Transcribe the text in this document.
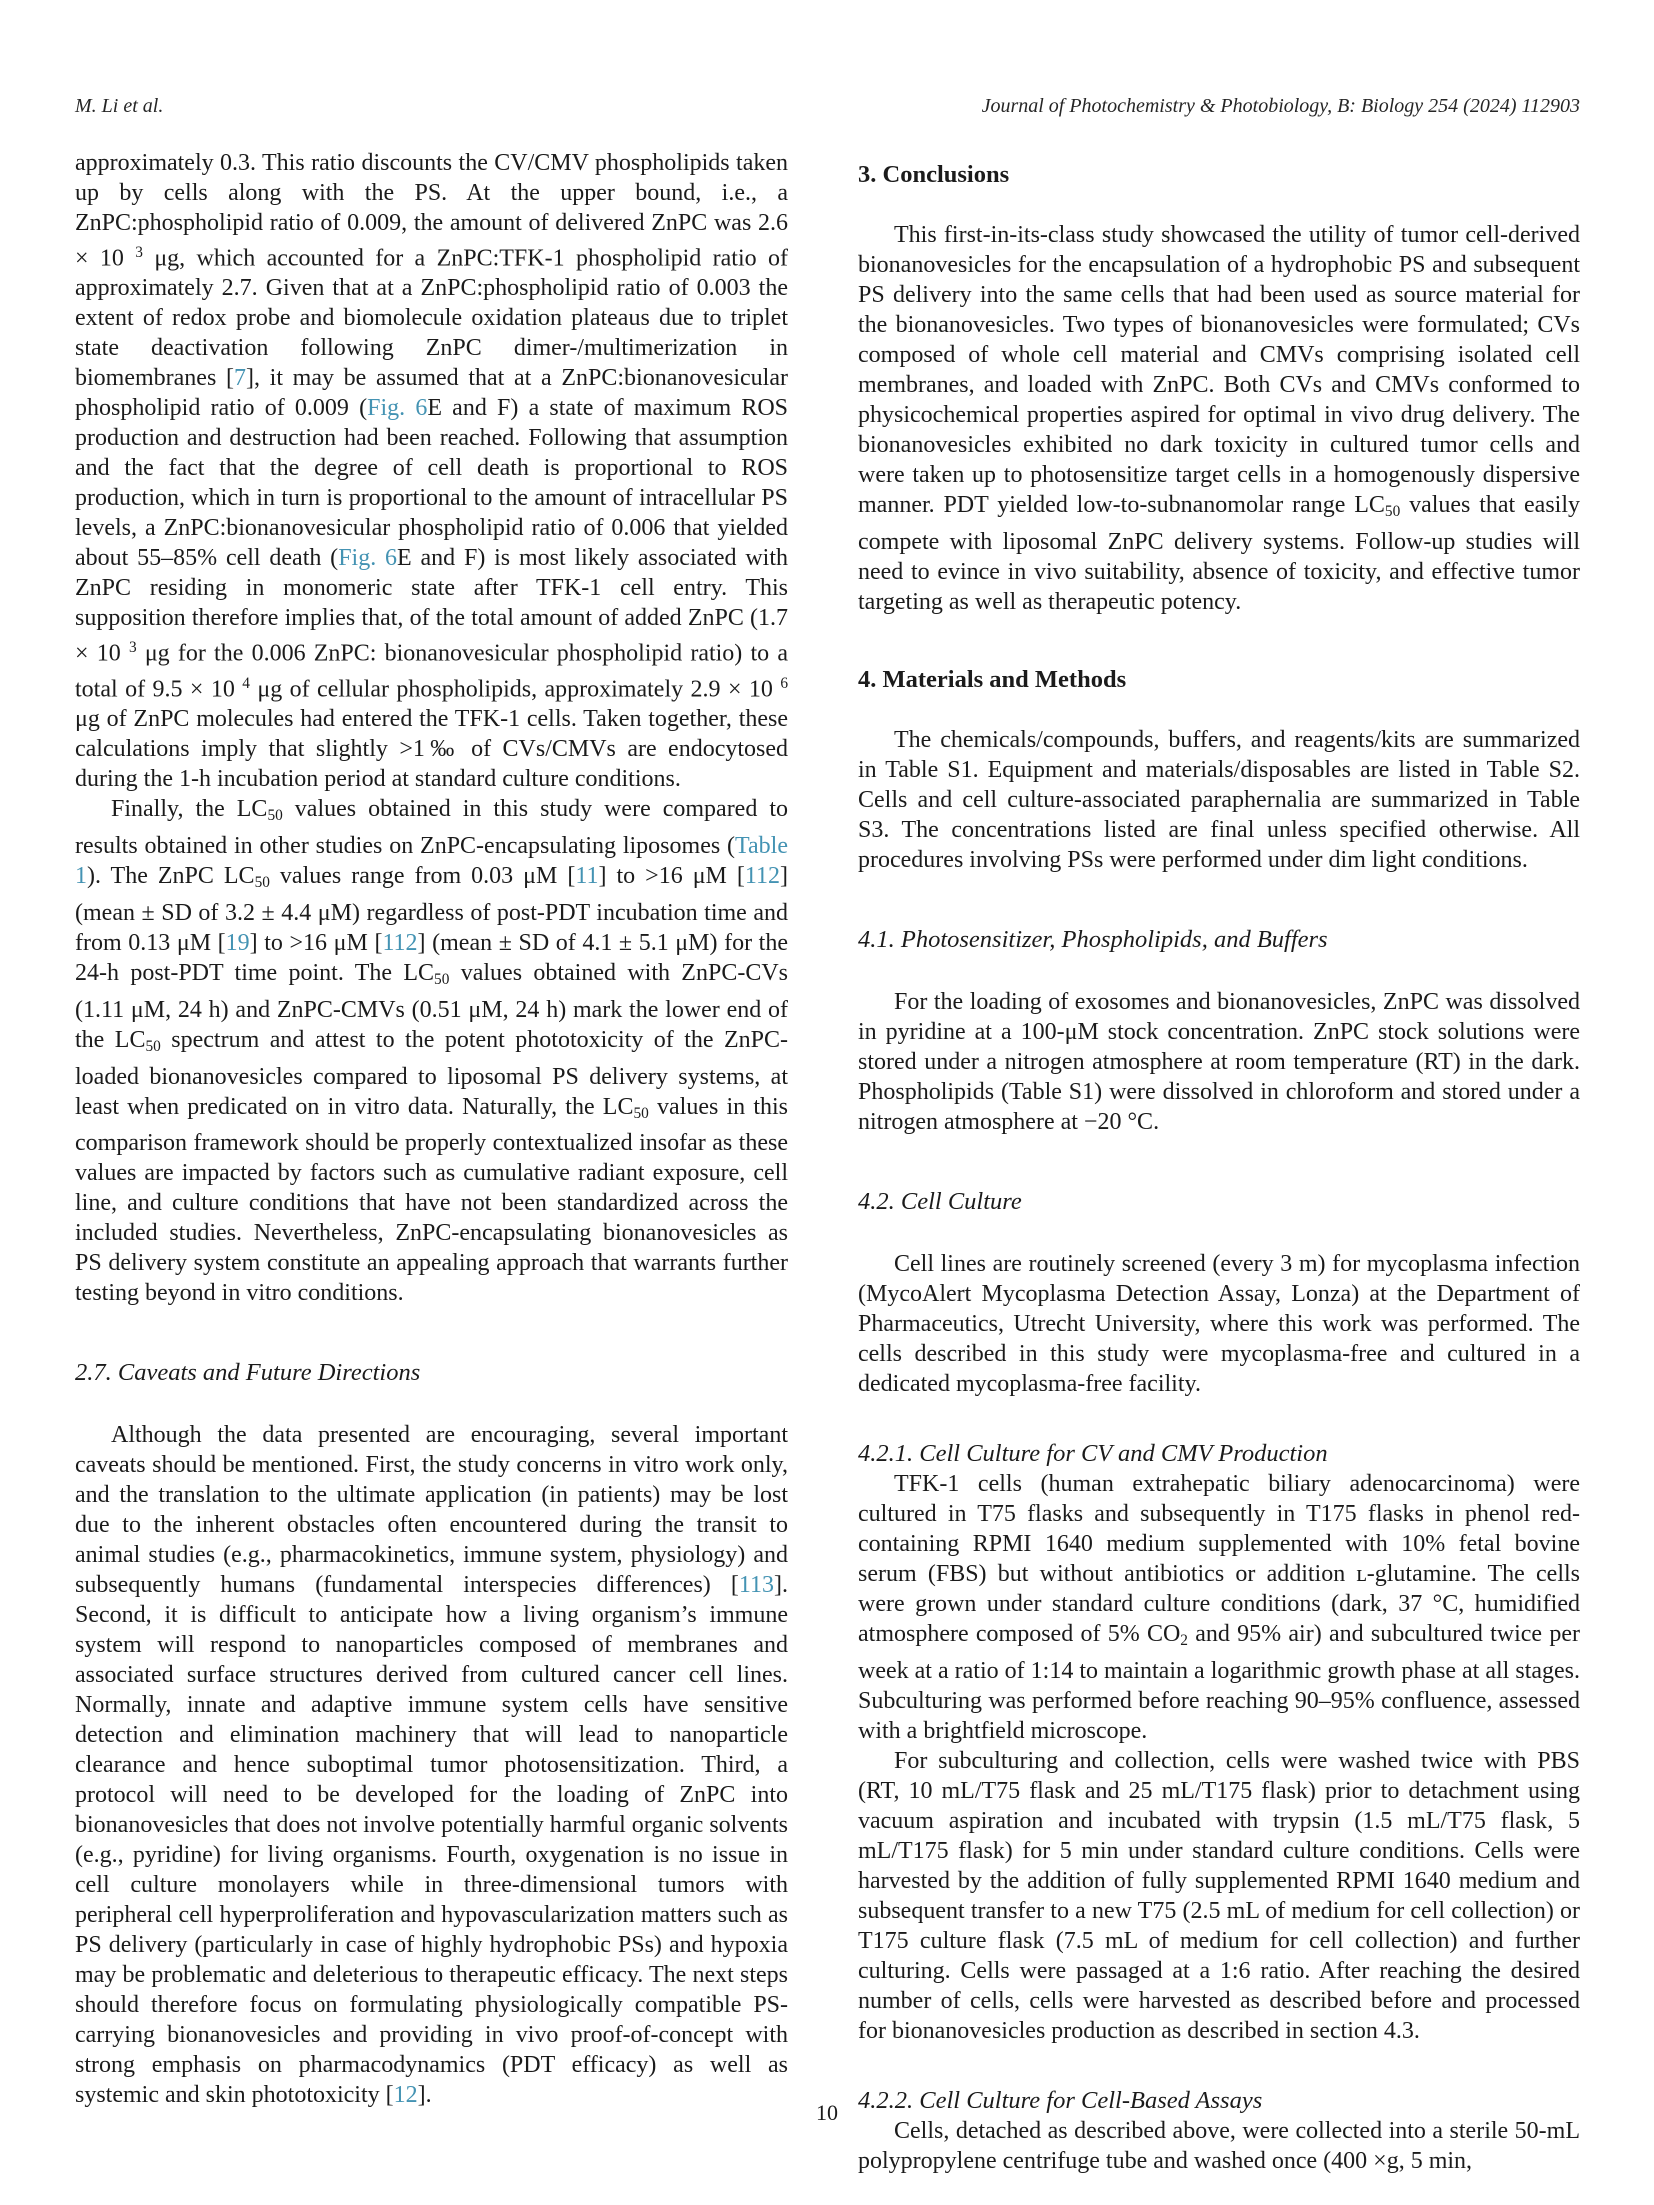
M. Li et al.	Journal of Photochemistry & Photobiology, B: Biology 254 (2024) 112903

approximately 0.3. This ratio discounts the CV/CMV phospholipids taken up by cells along with the PS. At the upper bound, i.e., a ZnPC:phospholipid ratio of 0.009, the amount of delivered ZnPC was 2.6 × 10 $^3$ μg, which accounted for a ZnPC:TFK-1 phospholipid ratio of approximately 2.7. Given that at a ZnPC:phospholipid ratio of 0.003 the extent of redox probe and biomolecule oxidation plateaus due to triplet state deactivation following ZnPC dimer-/multimerization in biomembranes [7], it may be assumed that at a ZnPC:bionanovesicular phospholipid ratio of 0.009 (Fig. 6E and F) a state of maximum ROS production and destruction had been reached. Following that assumption and the fact that the degree of cell death is proportional to ROS production, which in turn is proportional to the amount of intracellular PS levels, a ZnPC:bionanovesicular phospholipid ratio of 0.006 that yielded about 55–85% cell death (Fig. 6E and F) is most likely associated with ZnPC residing in monomeric state after TFK-1 cell entry. This supposition therefore implies that, of the total amount of added ZnPC (1.7 × 10 $^3$ μg for the 0.006 ZnPC: bionanovesicular phospholipid ratio) to a total of 9.5 × 10 $^4$ μg of cellular phospholipids, approximately 2.9 × 10 $^6$ μg of ZnPC molecules had entered the TFK-1 cells. Taken together, these calculations imply that slightly >1‰ of CVs/CMVs are endocytosed during the 1-h incubation period at standard culture conditions.

Finally, the LC50 values obtained in this study were compared to results obtained in other studies on ZnPC-encapsulating liposomes (Table 1). The ZnPC LC50 values range from 0.03 μM [11] to >16 μM [112] (mean ± SD of 3.2 ± 4.4 μM) regardless of post-PDT incubation time and from 0.13 μM [19] to >16 μM [112] (mean ± SD of 4.1 ± 5.1 μM) for the 24-h post-PDT time point. The LC50 values obtained with ZnPC-CVs (1.11 μM, 24 h) and ZnPC-CMVs (0.51 μM, 24 h) mark the lower end of the LC50 spectrum and attest to the potent phototoxicity of the ZnPC-loaded bionanovesicles compared to liposomal PS delivery systems, at least when predicated on in vitro data. Naturally, the LC50 values in this comparison framework should be properly contextualized insofar as these values are impacted by factors such as cumulative radiant exposure, cell line, and culture conditions that have not been standardized across the included studies. Nevertheless, ZnPC-encapsulating bionanovesicles as PS delivery system constitute an appealing approach that warrants further testing beyond in vitro conditions.

2.7. Caveats and Future Directions

Although the data presented are encouraging, several important caveats should be mentioned. First, the study concerns in vitro work only, and the translation to the ultimate application (in patients) may be lost due to the inherent obstacles often encountered during the transit to animal studies (e.g., pharmacokinetics, immune system, physiology) and subsequently humans (fundamental interspecies differences) [113]. Second, it is difficult to anticipate how a living organism’s immune system will respond to nanoparticles composed of membranes and associated surface structures derived from cultured cancer cell lines. Normally, innate and adaptive immune system cells have sensitive detection and elimination machinery that will lead to nanoparticle clearance and hence suboptimal tumor photosensitization. Third, a protocol will need to be developed for the loading of ZnPC into bionanovesicles that does not involve potentially harmful organic solvents (e.g., pyridine) for living organisms. Fourth, oxygenation is no issue in cell culture monolayers while in three-dimensional tumors with peripheral cell hyperproliferation and hypovascularization matters such as PS delivery (particularly in case of highly hydrophobic PSs) and hypoxia may be problematic and deleterious to therapeutic efficacy. The next steps should therefore focus on formulating physiologically compatible PS-carrying bionanovesicles and providing in vivo proof-of-concept with strong emphasis on pharmacodynamics (PDT efficacy) as well as systemic and skin phototoxicity [12].

3. Conclusions

This first-in-its-class study showcased the utility of tumor cell-derived bionanovesicles for the encapsulation of a hydrophobic PS and subsequent PS delivery into the same cells that had been used as source material for the bionanovesicles. Two types of bionanovesicles were formulated; CVs composed of whole cell material and CMVs comprising isolated cell membranes, and loaded with ZnPC. Both CVs and CMVs conformed to physicochemical properties aspired for optimal in vivo drug delivery. The bionanovesicles exhibited no dark toxicity in cultured tumor cells and were taken up to photosensitize target cells in a homogenously dispersive manner. PDT yielded low-to-subnanomolar range LC50 values that easily compete with liposomal ZnPC delivery systems. Follow-up studies will need to evince in vivo suitability, absence of toxicity, and effective tumor targeting as well as therapeutic potency.

4. Materials and Methods

The chemicals/compounds, buffers, and reagents/kits are summarized in Table S1. Equipment and materials/disposables are listed in Table S2. Cells and cell culture-associated paraphernalia are summarized in Table S3. The concentrations listed are final unless specified otherwise. All procedures involving PSs were performed under dim light conditions.

4.1. Photosensitizer, Phospholipids, and Buffers

For the loading of exosomes and bionanovesicles, ZnPC was dissolved in pyridine at a 100-μM stock concentration. ZnPC stock solutions were stored under a nitrogen atmosphere at room temperature (RT) in the dark. Phospholipids (Table S1) were dissolved in chloroform and stored under a nitrogen atmosphere at −20 °C.

4.2. Cell Culture

Cell lines are routinely screened (every 3 m) for mycoplasma infection (MycoAlert Mycoplasma Detection Assay, Lonza) at the Department of Pharmaceutics, Utrecht University, where this work was performed. The cells described in this study were mycoplasma-free and cultured in a dedicated mycoplasma-free facility.

4.2.1. Cell Culture for CV and CMV Production

TFK-1 cells (human extrahepatic biliary adenocarcinoma) were cultured in T75 flasks and subsequently in T175 flasks in phenol red-containing RPMI 1640 medium supplemented with 10% fetal bovine serum (FBS) but without antibiotics or addition ʟ-glutamine. The cells were grown under standard culture conditions (dark, 37 °C, humidified atmosphere composed of 5% CO2 and 95% air) and subcultured twice per week at a ratio of 1:14 to maintain a logarithmic growth phase at all stages. Subculturing was performed before reaching 90–95% confluence, assessed with a brightfield microscope.

For subculturing and collection, cells were washed twice with PBS (RT, 10 mL/T75 flask and 25 mL/T175 flask) prior to detachment using vacuum aspiration and incubated with trypsin (1.5 mL/T75 flask, 5 mL/T175 flask) for 5 min under standard culture conditions. Cells were harvested by the addition of fully supplemented RPMI 1640 medium and subsequent transfer to a new T75 (2.5 mL of medium for cell collection) or T175 culture flask (7.5 mL of medium for cell collection) and further culturing. Cells were passaged at a 1:6 ratio. After reaching the desired number of cells, cells were harvested as described before and processed for bionanovesicles production as described in section 4.3.

4.2.2. Cell Culture for Cell-Based Assays

Cells, detached as described above, were collected into a sterile 50-mL polypropylene centrifuge tube and washed once (400 ×g, 5 min,

10
